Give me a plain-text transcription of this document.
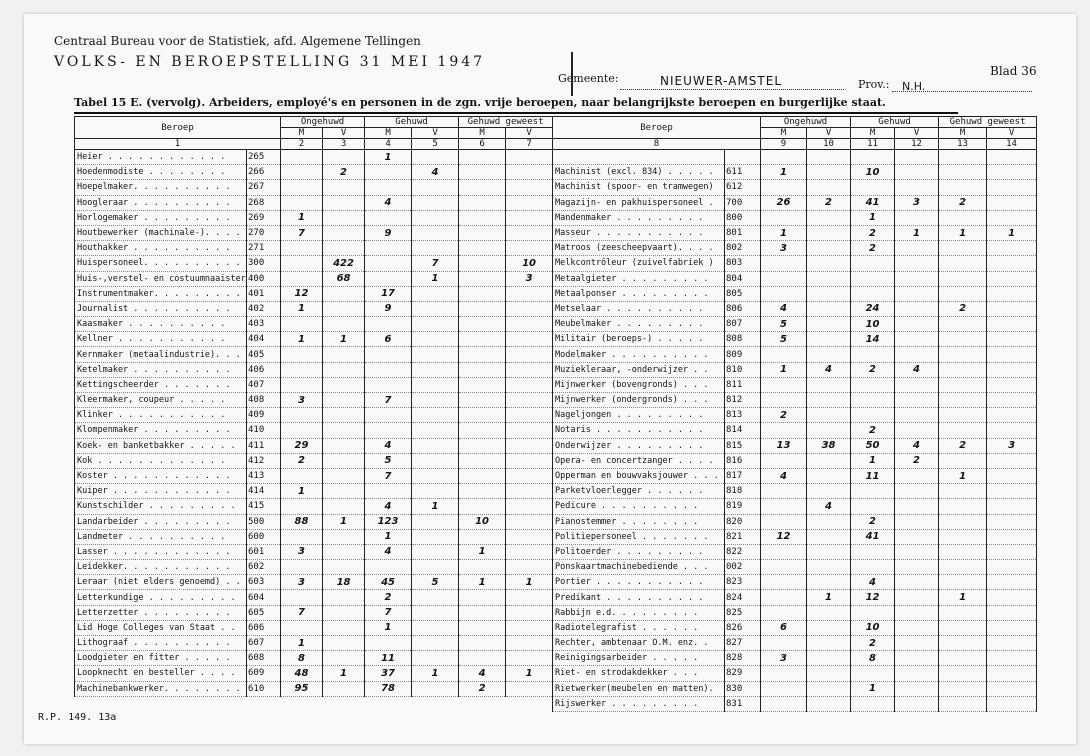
Centraal Bureau voor de Statistiek, afd. Algemene Tellingen
VOLKS- EN BEROEPSTELLING 31 MEI 1947
Gemeente:	NIEUWER-AMSTEL	Prov.: N.H.
Blad 36
Tabel 15 E. (vervolg). Arbeiders, employé's en personen in de zgn. vrije beroepen, naar belangrijkste beroepen en burgerlijke staat.
Beroep		Ongehuwd		Gehuwd		Gehuwd geweest	
		M	V	M	V	M	V
1		2	3	4	5	6	7
Heier . . . . . . . . . . . .	265			1			
Hoedenmodiste . . . . . . . .	266		2		4		
Hoepelmaker. . . . . . . . . .	267						
Hoogleraar . . . . . . . . . .	268			4			
Horlogemaker . . . . . . . . .	269	1					
Houtbewerker (machinale-). . . .	270	7		9			
Houthakker . . . . . . . . . .	271						
Huispersoneel. . . . . . . . . .	300		422		7		10
Huis-,verstel- en costuumnaaister	400		68		1		3
Instrumentmaker. . . . . . . . .	401	12		17			
Journalist . . . . . . . . . .	402	1		9			
Kaasmaker . . . . . . . . . .	403						
Kellner . . . . . . . . . . .	404	1	1	6			
Kernmaker (metaalindustrie). . .	405						
Ketelmaker . . . . . . . . . .	406						
Kettingscheerder . . . . . . .	407						
Kleermaker, coupeur . . . . .	408	3		7			
Klinker . . . . . . . . . . .	409						
Klompenmaker . . . . . . . . .	410						
Koek- en banketbakker . . . . .	411	29		4			
Kok . . . . . . . . . . . . .	412	2		5			
Koster . . . . . . . . . . . .	413			7			
Kuiper . . . . . . . . . . . .	414	1					
Kunstschilder . . . . . . . . .	415			4	1		
Landarbeider . . . . . . . . .	500	88	1	123		10	
Landmeter . . . . . . . . . .	600			1			
Lasser . . . . . . . . . . . .	601	3		4		1	
Leidekker. . . . . . . . . . .	602						
Leraar (niet elders genoemd) . .	603	3	18	45	5	1	1
Letterkundige . . . . . . . . .	604			2			
Letterzetter . . . . . . . . .	605	7		7			
Lid Hoge Colleges van Staat . .	606			1			
Lithograaf . . . . . . . . . .	607	1					
Loodgieter en fitter . . . . .	608	8		11			
Loopknecht en besteller . . . .	609	48	1	37	1	4	1
Machinebankwerker. . . . . . . .	610	95		78		2	
Beroep		Ongehuwd		Gehuwd		Gehuwd geweest	
		M	V	M	V	M	V
8		9	10	11	12	13	14

Machinist (excl. 834) . . . . .	611	1		10			
Machinist (spoor- en tramwegen)	612						
Magazijn- en pakhuispersoneel .	700	26	2	41	3	2	
Mandenmaker . . . . . . . . .	800			1			
Masseur . . . . . . . . . . .	801	1		2	1	1	1
Matroos (zeescheepvaart). . . .	802	3		2			
Melkcontrôleur (zuivelfabriek )	803						
Metaalgieter . . . . . . . . .	804						
Metaalponser . . . . . . . . .	805						
Metselaar . . . . . . . . . .	806	4		24		2	
Meubelmaker . . . . . . . . .	807	5		10			
Militair (beroeps-) . . . . .	808	5		14			
Modelmaker . . . . . . . . . .	809						
Muziekleraar, -onderwijzer . .	810	1	4	2	4		
Mijnwerker (bovengronds) . . .	811						
Mijnwerker (ondergronds) . . .	812						
Nageljongen . . . . . . . . .	813	2					
Notaris . . . . . . . . . . .	814			2			
Onderwijzer . . . . . . . . .	815	13	38	50	4	2	3
Opera- en concertzanger . . . .	816			1	2		
Opperman en bouwvaksjouwer . . .	817	4		11		1	
Parketvloerlegger . . . . . .	818						
Pedicure . . . . . . . . . .	819		4				
Pianostemmer . . . . . . . .	820			2			
Politiepersoneel . . . . . . .	821	12		41			
Politoerder . . . . . . . . .	822						
Ponskaartmachinebediende . . .	002						
Portier . . . . . . . . . . .	823			4			
Predikant . . . . . . . . . .	824		1	12		1	
Rabbijn e.d. . . . . . . . .	825						
Radiotelegrafist . . . . . .	826	6		10			
Rechter, ambtenaar O.M. enz. .	827			2			
Reinigingsarbeider . . . . .	828	3		8			
Riet- en strodakdekker . . .	829						
Rietwerker(meubelen en matten).	830			1			
Rijswerker . . . . . . . . .	831						
R.P. 149. 13a
